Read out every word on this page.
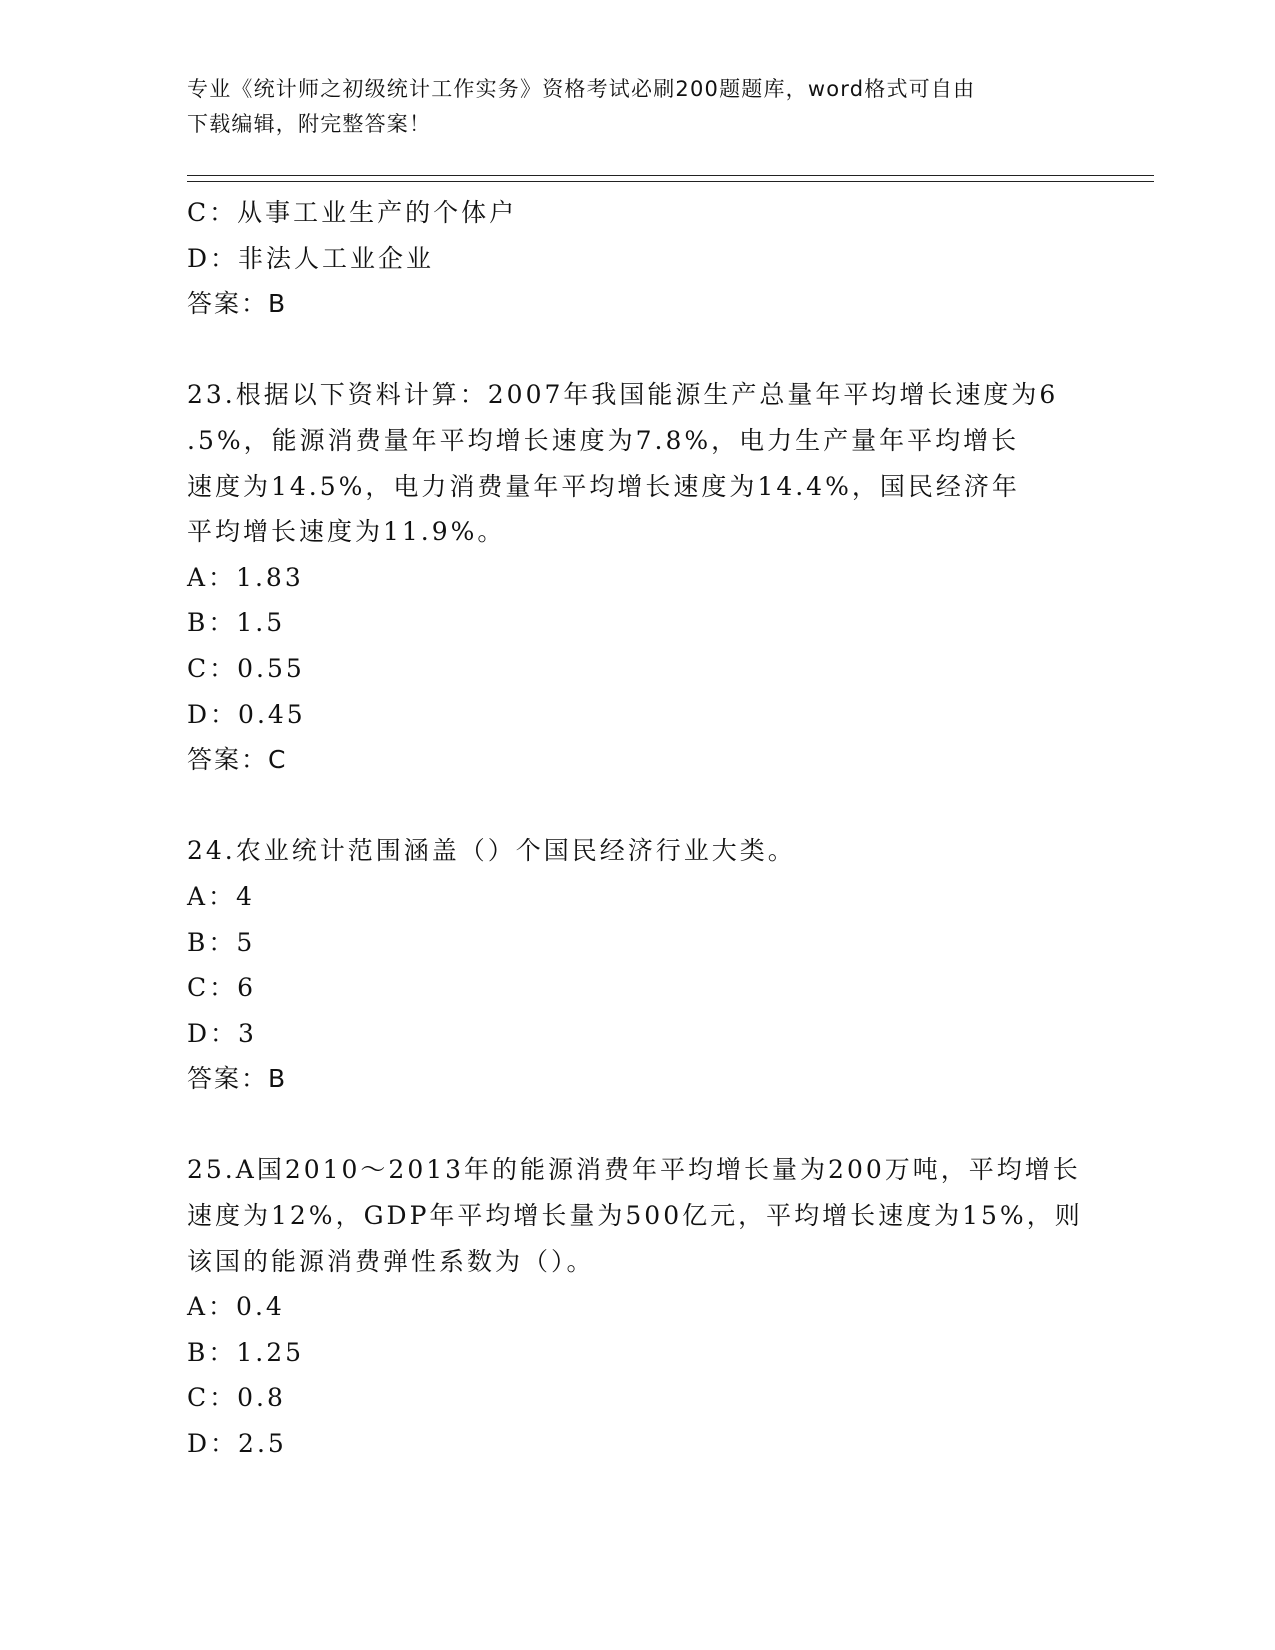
专业《统计师之初级统计工作实务》资格考试必刷200题题库，word格式可自由
下载编辑，附完整答案！
C：从事工业生产的个体户
D：非法人工业企业
答案：B
23.根据以下资料计算：2007年我国能源生产总量年平均增长速度为6
.5%，能源消费量年平均增长速度为7.8%，电力生产量年平均增长
速度为14.5%，电力消费量年平均增长速度为14.4%，国民经济年
平均增长速度为11.9%。
A：1.83
B：1.5
C：0.55
D：0.45
答案：C
24.农业统计范围涵盖（）个国民经济行业大类。
A：4
B：5
C：6
D：3
答案：B
25.A国2010～2013年的能源消费年平均增长量为200万吨，平均增长
速度为12%，GDP年平均增长量为500亿元，平均增长速度为15%，则
该国的能源消费弹性系数为（）。
A：0.4
B：1.25
C：0.8
D：2.5
